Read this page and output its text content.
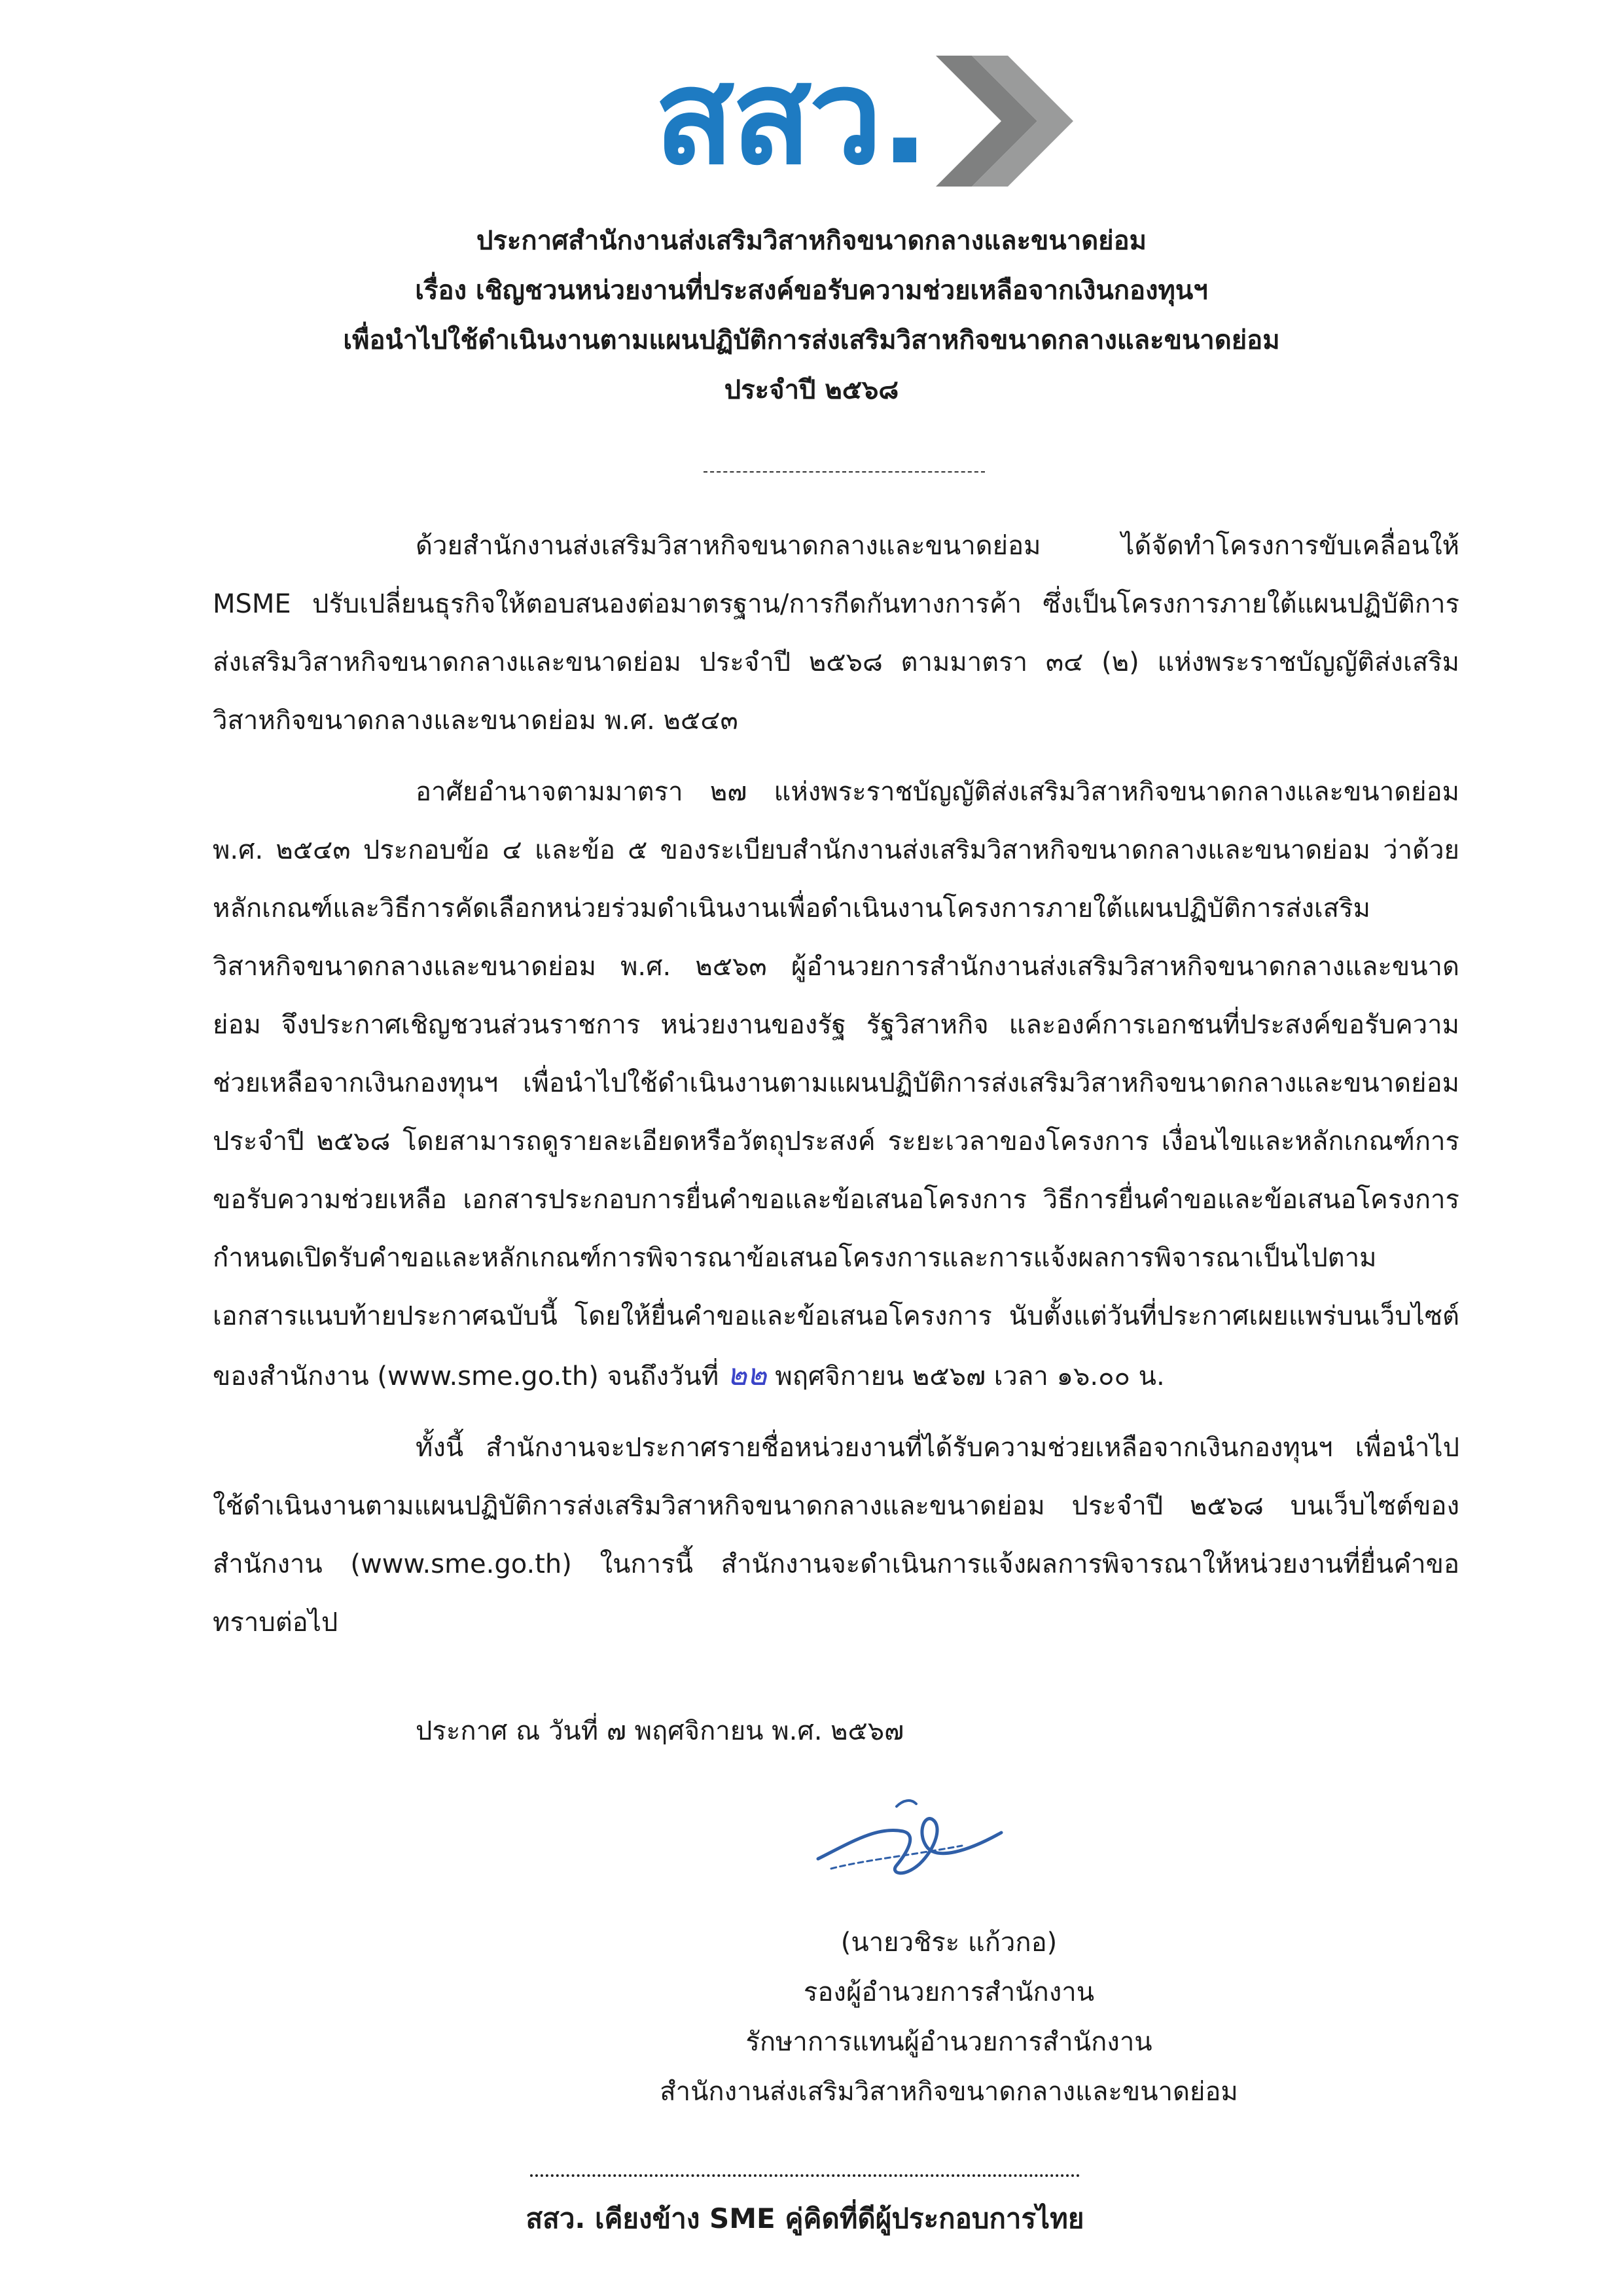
สสว.
ประกาศสำนักงานส่งเสริมวิสาหกิจขนาดกลางและขนาดย่อม
เรื่อง เชิญชวนหน่วยงานที่ประสงค์ขอรับความช่วยเหลือจากเงินกองทุนฯ
เพื่อนำไปใช้ดำเนินงานตามแผนปฏิบัติการส่งเสริมวิสาหกิจขนาดกลางและขนาดย่อม
ประจำปี ๒๕๖๘

ด้วยสำนักงานส่งเสริมวิสาหกิจขนาดกลางและขนาดย่อม ได้จัดทำโครงการขับเคลื่อนให้ MSME ปรับเปลี่ยนธุรกิจให้ตอบสนองต่อมาตรฐาน/การกีดกันทางการค้า ซึ่งเป็นโครงการภายใต้แผนปฏิบัติการส่งเสริมวิสาหกิจขนาดกลางและขนาดย่อม ประจำปี ๒๕๖๘ ตามมาตรา ๓๔ (๒) แห่งพระราชบัญญัติส่งเสริมวิสาหกิจขนาดกลางและขนาดย่อม พ.ศ. ๒๕๔๓

อาศัยอำนาจตามมาตรา ๒๗ แห่งพระราชบัญญัติส่งเสริมวิสาหกิจขนาดกลางและขนาดย่อม พ.ศ. ๒๕๔๓ ประกอบข้อ ๔ และข้อ ๕ ของระเบียบสำนักงานส่งเสริมวิสาหกิจขนาดกลางและขนาดย่อม ว่าด้วยหลักเกณฑ์และวิธีการคัดเลือกหน่วยร่วมดำเนินงานเพื่อดำเนินงานโครงการภายใต้แผนปฏิบัติการส่งเสริมวิสาหกิจขนาดกลางและขนาดย่อม พ.ศ. ๒๕๖๓ ผู้อำนวยการสำนักงานส่งเสริมวิสาหกิจขนาดกลางและขนาดย่อม จึงประกาศเชิญชวนส่วนราชการ หน่วยงานของรัฐ รัฐวิสาหกิจ และองค์การเอกชนที่ประสงค์ขอรับความ ช่วยเหลือจากเงินกองทุนฯ เพื่อนำไปใช้ดำเนินงานตามแผนปฏิบัติการส่งเสริมวิสาหกิจขนาดกลางและขนาดย่อม ประจำปี ๒๕๖๘ โดยสามารถดูรายละเอียดหรือวัตถุประสงค์ ระยะเวลาของโครงการ เงื่อนไขและหลักเกณฑ์การขอรับความช่วยเหลือ เอกสารประกอบการยื่นคำขอและข้อเสนอโครงการ วิธีการยื่นคำขอและข้อเสนอโครงการ กำหนดเปิดรับคำขอและหลักเกณฑ์การพิจารณาข้อเสนอโครงการและการแจ้งผลการพิจารณาเป็นไปตามเอกสารแนบท้ายประกาศฉบับนี้ โดยให้ยื่นคำขอและข้อเสนอโครงการ นับตั้งแต่วันที่ประกาศเผยแพร่บนเว็บไซต์ของสำนักงาน (www.sme.go.th) จนถึงวันที่ ๒๒ พฤศจิกายน ๒๕๖๗ เวลา ๑๖.๐๐ น.

ทั้งนี้ สำนักงานจะประกาศรายชื่อหน่วยงานที่ได้รับความช่วยเหลือจากเงินกองทุนฯ เพื่อนำไปใช้ดำเนินงานตามแผนปฏิบัติการส่งเสริมวิสาหกิจขนาดกลางและขนาดย่อม ประจำปี ๒๕๖๘ บนเว็บไซต์ของสำนักงาน (www.sme.go.th) ในการนี้ สำนักงานจะดำเนินการแจ้งผลการพิจารณาให้หน่วยงานที่ยื่นคำขอทราบต่อไป

ประกาศ ณ วันที่ ๗ พฤศจิกายน พ.ศ. ๒๕๖๗
(นายวชิระ แก้วกอ)
รองผู้อำนวยการสำนักงาน
รักษาการแทนผู้อำนวยการสำนักงาน
สำนักงานส่งเสริมวิสาหกิจขนาดกลางและขนาดย่อม
สสว. เคียงข้าง SME คู่คิดที่ดีผู้ประกอบการไทย
